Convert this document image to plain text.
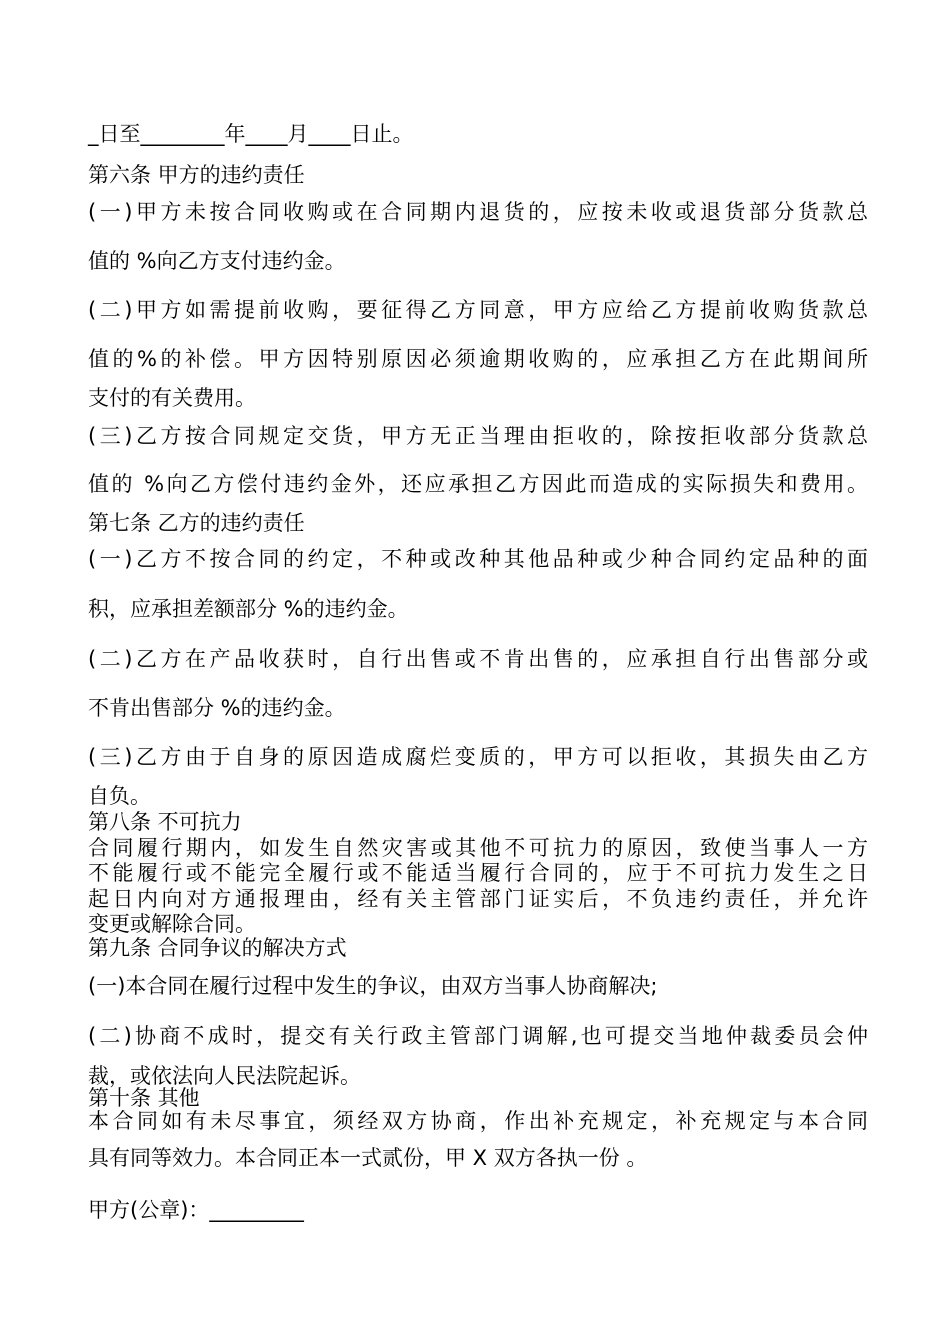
_日至________年____月____日止。

第六条 甲方的违约责任

(一)甲方未按合同收购或在合同期内退货的，应按未收或退货部分货款总

值的 %向乙方支付违约金。

(二)甲方如需提前收购，要征得乙方同意，甲方应给乙方提前收购货款总

值的%的补偿。甲方因特别原因必须逾期收购的，应承担乙方在此期间所

支付的有关费用。

(三)乙方按合同规定交货，甲方无正当理由拒收的，除按拒收部分货款总

值的 %向乙方偿付违约金外，还应承担乙方因此而造成的实际损失和费用。

第七条 乙方的违约责任

(一)乙方不按合同的约定，不种或改种其他品种或少种合同约定品种的面

积，应承担差额部分 %的违约金。

(二)乙方在产品收获时，自行出售或不肯出售的，应承担自行出售部分或

不肯出售部分 %的违约金。

(三)乙方由于自身的原因造成腐烂变质的，甲方可以拒收，其损失由乙方

自负。

第八条 不可抗力

合同履行期内，如发生自然灾害或其他不可抗力的原因，致使当事人一方

不能履行或不能完全履行或不能适当履行合同的，应于不可抗力发生之日

起日内向对方通报理由，经有关主管部门证实后，不负违约责任，并允许

变更或解除合同。

第九条 合同争议的解决方式

(一)本合同在履行过程中发生的争议，由双方当事人协商解决;

(二)协商不成时，提交有关行政主管部门调解,也可提交当地仲裁委员会仲

裁，或依法向人民法院起诉。

第十条 其他

本合同如有未尽事宜，须经双方协商，作出补充规定，补充规定与本合同

具有同等效力。本合同正本一式贰份，甲 X 双方各执一份 。

甲方(公章)：_________
